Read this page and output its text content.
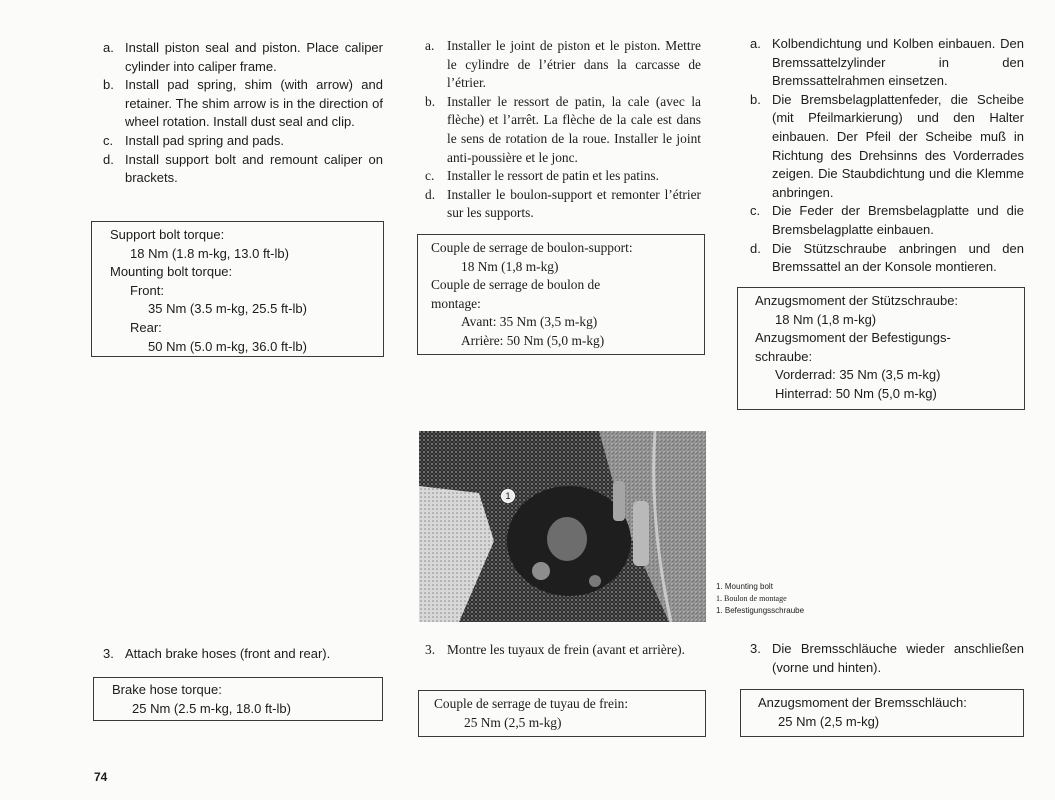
a. Install piston seal and piston. Place caliper cylinder into caliper frame.
b. Install pad spring, shim (with arrow) and retainer. The shim arrow is in the direction of wheel rotation. Install dust seal and clip.
c. Install pad spring and pads.
d. Install support bolt and remount caliper on brackets.
Support bolt torque:
18 Nm (1.8 m-kg, 13.0 ft-lb)
Mounting bolt torque:
Front:
35 Nm (3.5 m-kg, 25.5 ft-lb)
Rear:
50 Nm (5.0 m-kg, 36.0 ft-lb)
3. Attach brake hoses (front and rear).
Brake hose torque:
25 Nm (2.5 m-kg, 18.0 ft-lb)
a. Installer le joint de piston et le piston. Mettre le cylindre de l’étrier dans la carcasse de l’étrier.
b. Installer le ressort de patin, la cale (avec la flèche) et l’arrêt. La flèche de la cale est dans le sens de rotation de la roue. Installer le joint anti-poussière et le jonc.
c. Installer le ressort de patin et les patins.
d. Installer le boulon-support et remonter l’étrier sur les supports.
Couple de serrage de boulon-support:
18 Nm (1,8 m-kg)
Couple de serrage de boulon de
montage:
Avant: 35 Nm (3,5 m-kg)
Arrière: 50 Nm (5,0 m-kg)
3. Montre les tuyaux de frein (avant et arrière).
Couple de serrage de tuyau de frein:
25 Nm (2,5 m-kg)
a. Kolbendichtung und Kolben einbauen. Den Bremssattelzylinder in den Bremssattelrahmen einsetzen.
b. Die Bremsbelagplattenfeder, die Scheibe (mit Pfeilmarkierung) und den Halter einbauen. Der Pfeil der Scheibe muß in Richtung des Drehsinns des Vorderrades zeigen. Die Staubdichtung und die Klemme anbringen.
c. Die Feder der Bremsbelagplatte und die Bremsbelagplatte einbauen.
d. Die Stützschraube anbringen und den Bremssattel an der Konsole montieren.
Anzugsmoment der Stützschraube:
18 Nm (1,8 m-kg)
Anzugsmoment der Befestigungs-
schraube:
Vorderrad: 35 Nm (3,5 m-kg)
Hinterrad: 50 Nm (5,0 m-kg)
3. Die Bremsschläuche wieder anschließen (vorne und hinten).
Anzugsmoment der Bremsschläuch:
25 Nm (2,5 m-kg)
1
1. Mounting bolt
1. Boulon de montage
1. Befestigungsschraube
74
